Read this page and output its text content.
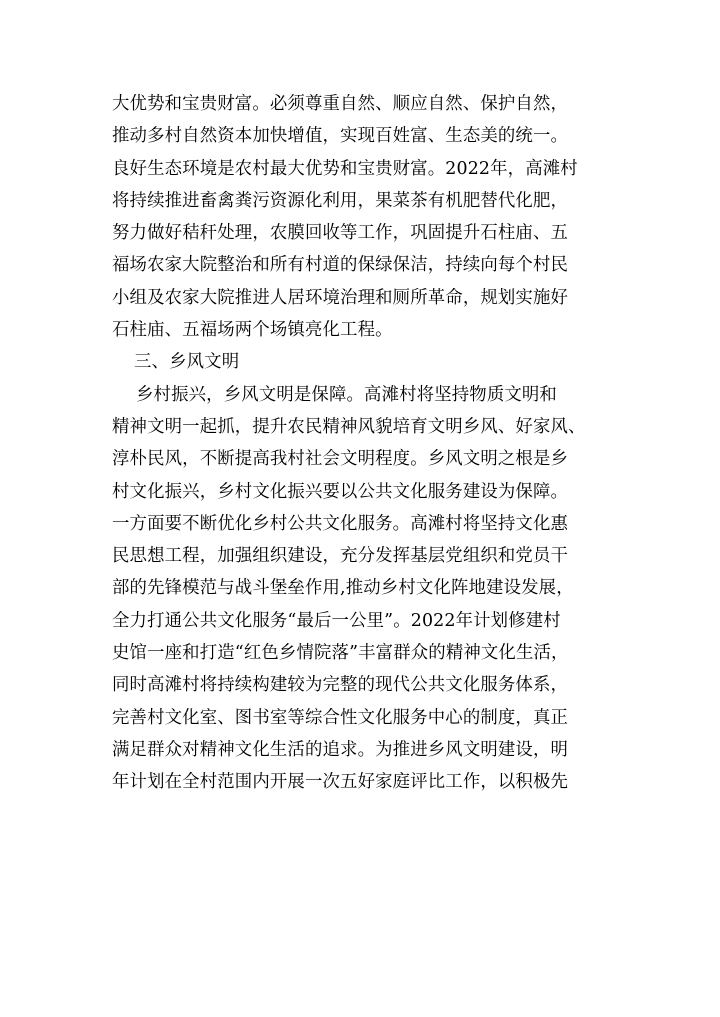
大优势和宝贵财富。必须尊重自然、顺应自然、保护自然，
推动多村自然资本加快增值，实现百姓富、生态美的统一。
良好生态环境是农村最大优势和宝贵财富。2022年，高滩村
将持续推进畜禽粪污资源化利用，果菜茶有机肥替代化肥，
努力做好秸秆处理，农膜回收等工作，巩固提升石柱庙、五
福场农家大院整治和所有村道的保绿保洁，持续向每个村民
小组及农家大院推进人居环境治理和厕所革命，规划实施好
石柱庙、五福场两个场镇亮化工程。
三、乡风文明
乡村振兴，乡风文明是保障。高滩村将坚持物质文明和
精神文明一起抓，提升农民精神风貌培育文明乡风、好家风、
淳朴民风，不断提高我村社会文明程度。乡风文明之根是乡
村文化振兴，乡村文化振兴要以公共文化服务建设为保障。
一方面要不断优化乡村公共文化服务。高滩村将坚持文化惠
民思想工程，加强组织建设，充分发挥基层党组织和党员干
部的先锋模范与战斗堡垒作用,推动乡村文化阵地建设发展，
全力打通公共文化服务“最后一公里”。2022年计划修建村
史馆一座和打造“红色乡情院落”丰富群众的精神文化生活，
同时高滩村将持续构建较为完整的现代公共文化服务体系，
完善村文化室、图书室等综合性文化服务中心的制度，真正
满足群众对精神文化生活的追求。为推进乡风文明建设，明
年计划在全村范围内开展一次五好家庭评比工作，以积极先
